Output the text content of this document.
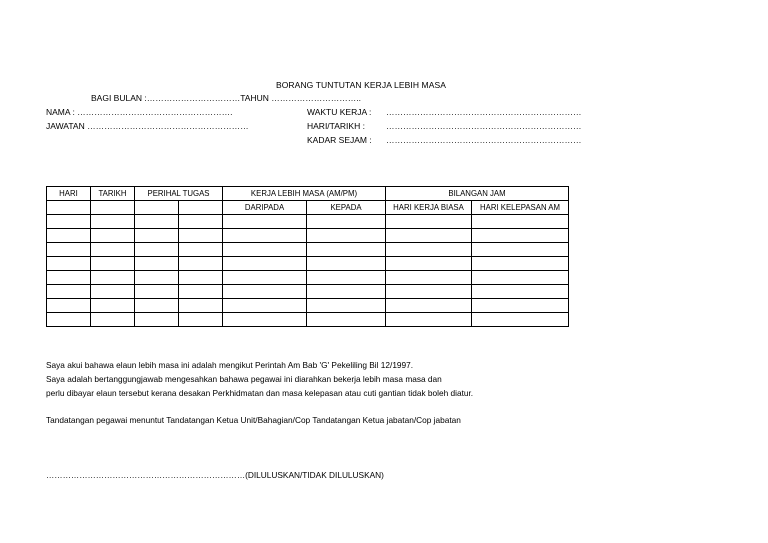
BORANG TUNTUTAN KERJA LEBIH MASA
BAGI BULAN :……………………………TAHUN …………………………..
NAMA : ……………………………………………….
JAWATAN …………………………………………………
WAKTU KERJA : ……………………………………………………………
HARI/TARIKH : ……………………………………………………………
KADAR SEJAM : ……………………………………………………………
HARI	TARIKH	PERIHAL TUGAS		KERJA LEBIH MASA (AM/PM)		BILANGAN JAM	
				DARIPADA	KEPADA	HARI KERJA BIASA	HARI KELEPASAN AM

Saya akui bahawa elaun lebih masa ini adalah mengikut Perintah Am Bab 'G' Pekeliling Bil 12/1997.
Saya adalah bertanggungjawab mengesahkan bahawa pegawai ini diarahkan bekerja lebih masa masa dan
perlu dibayar elaun tersebut kerana desakan Perkhidmatan dan masa kelepasan atau cuti gantian tidak boleh diatur.
Tandatangan pegawai menuntut Tandatangan Ketua Unit/Bahagian/Cop Tandatangan Ketua jabatan/Cop jabatan
………………………………………………………………(DILULUSKAN/TIDAK DILULUSKAN)
